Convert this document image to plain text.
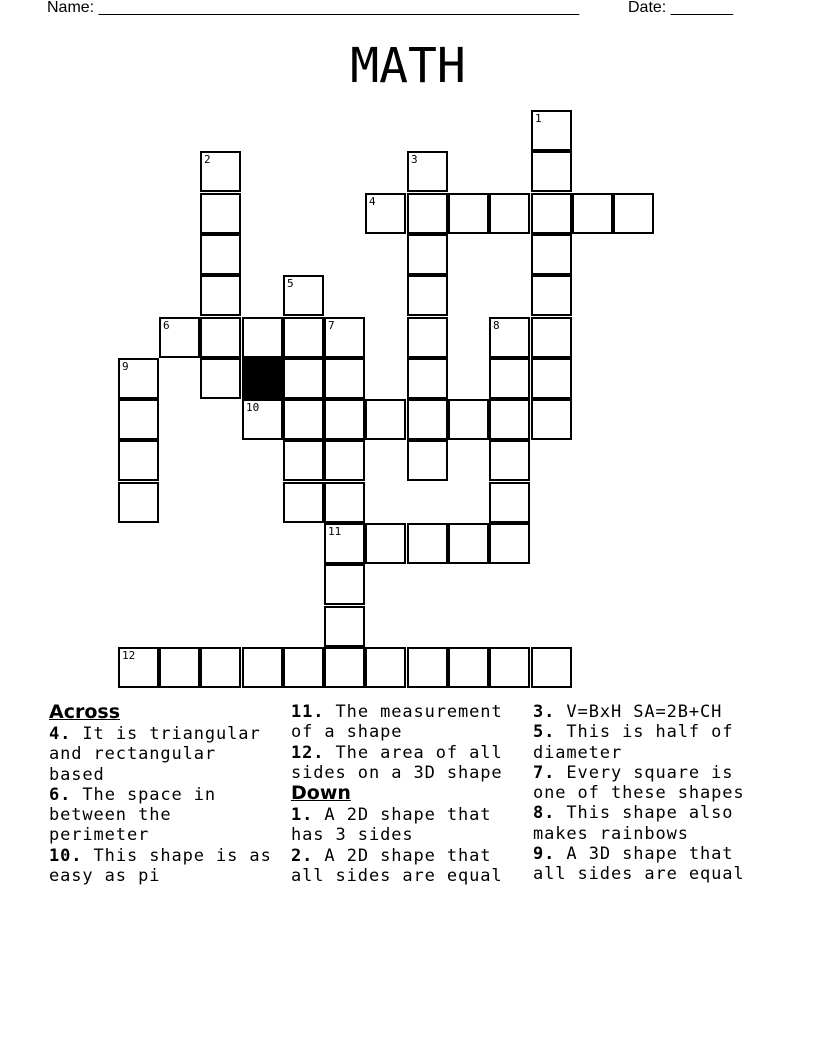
Name: ______________________________________________________	Date: _______
MATH
1
2	3
4
5
6	7
11
8
9
10
12
Across
4. It is triangular and rectangular based
6. The space in between the perimeter
10. This shape is as easy as pi
11. The measurement of a shape
12. The area of all sides on a 3D shape
Down
1. A 2D shape that has 3 sides
2. A 2D shape that all sides are equal
3. V=BxH SA=2B+CH
5. This is half of diameter
7. Every square is one of these shapes
8. This shape also makes rainbows
9. A 3D shape that all sides are equal
